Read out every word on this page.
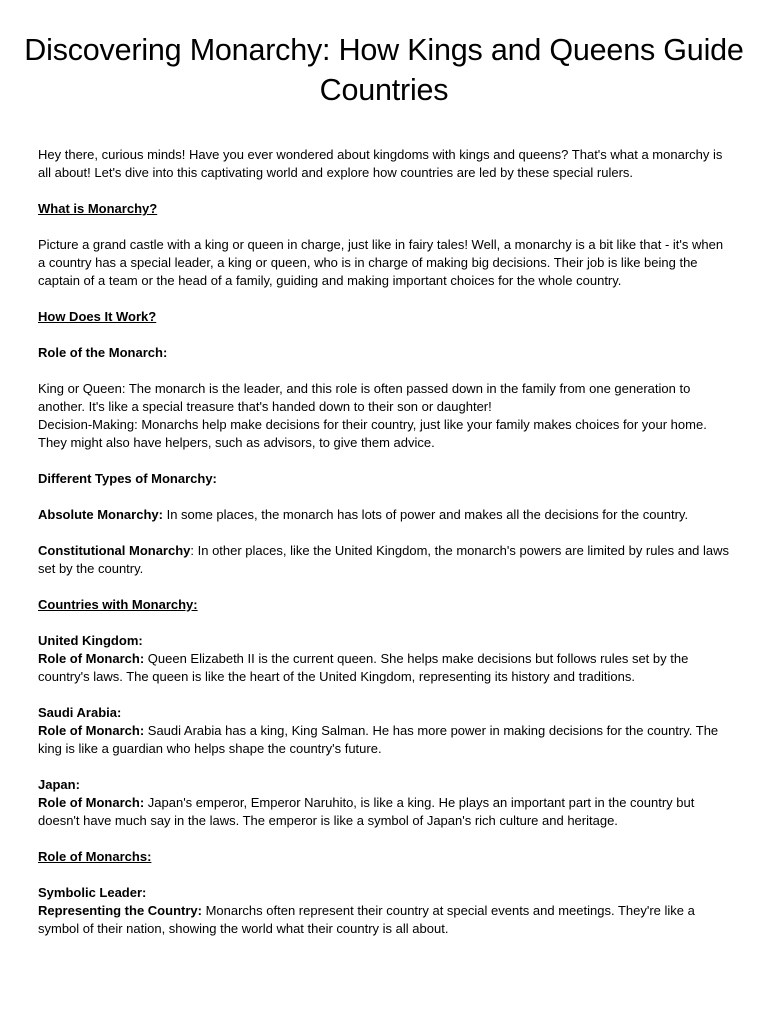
Discovering Monarchy: How Kings and Queens Guide Countries

Hey there, curious minds! Have you ever wondered about kingdoms with kings and queens? That's what a monarchy is all about! Let's dive into this captivating world and explore how countries are led by these special rulers.

What is Monarchy?

Picture a grand castle with a king or queen in charge, just like in fairy tales! Well, a monarchy is a bit like that - it's when a country has a special leader, a king or queen, who is in charge of making big decisions. Their job is like being the captain of a team or the head of a family, guiding and making important choices for the whole country.

How Does It Work?

Role of the Monarch:

King or Queen: The monarch is the leader, and this role is often passed down in the family from one generation to another. It's like a special treasure that's handed down to their son or daughter!
Decision-Making: Monarchs help make decisions for their country, just like your family makes choices for your home. They might also have helpers, such as advisors, to give them advice.

Different Types of Monarchy:

Absolute Monarchy: In some places, the monarch has lots of power and makes all the decisions for the country.

Constitutional Monarchy: In other places, like the United Kingdom, the monarch's powers are limited by rules and laws set by the country.

Countries with Monarchy:

United Kingdom:
Role of Monarch: Queen Elizabeth II is the current queen. She helps make decisions but follows rules set by the country's laws. The queen is like the heart of the United Kingdom, representing its history and traditions.

Saudi Arabia:
Role of Monarch: Saudi Arabia has a king, King Salman. He has more power in making decisions for the country. The king is like a guardian who helps shape the country's future.

Japan:
Role of Monarch: Japan's emperor, Emperor Naruhito, is like a king. He plays an important part in the country but doesn't have much say in the laws. The emperor is like a symbol of Japan's rich culture and heritage.

Role of Monarchs:

Symbolic Leader:
Representing the Country: Monarchs often represent their country at special events and meetings. They're like a symbol of their nation, showing the world what their country is all about.
